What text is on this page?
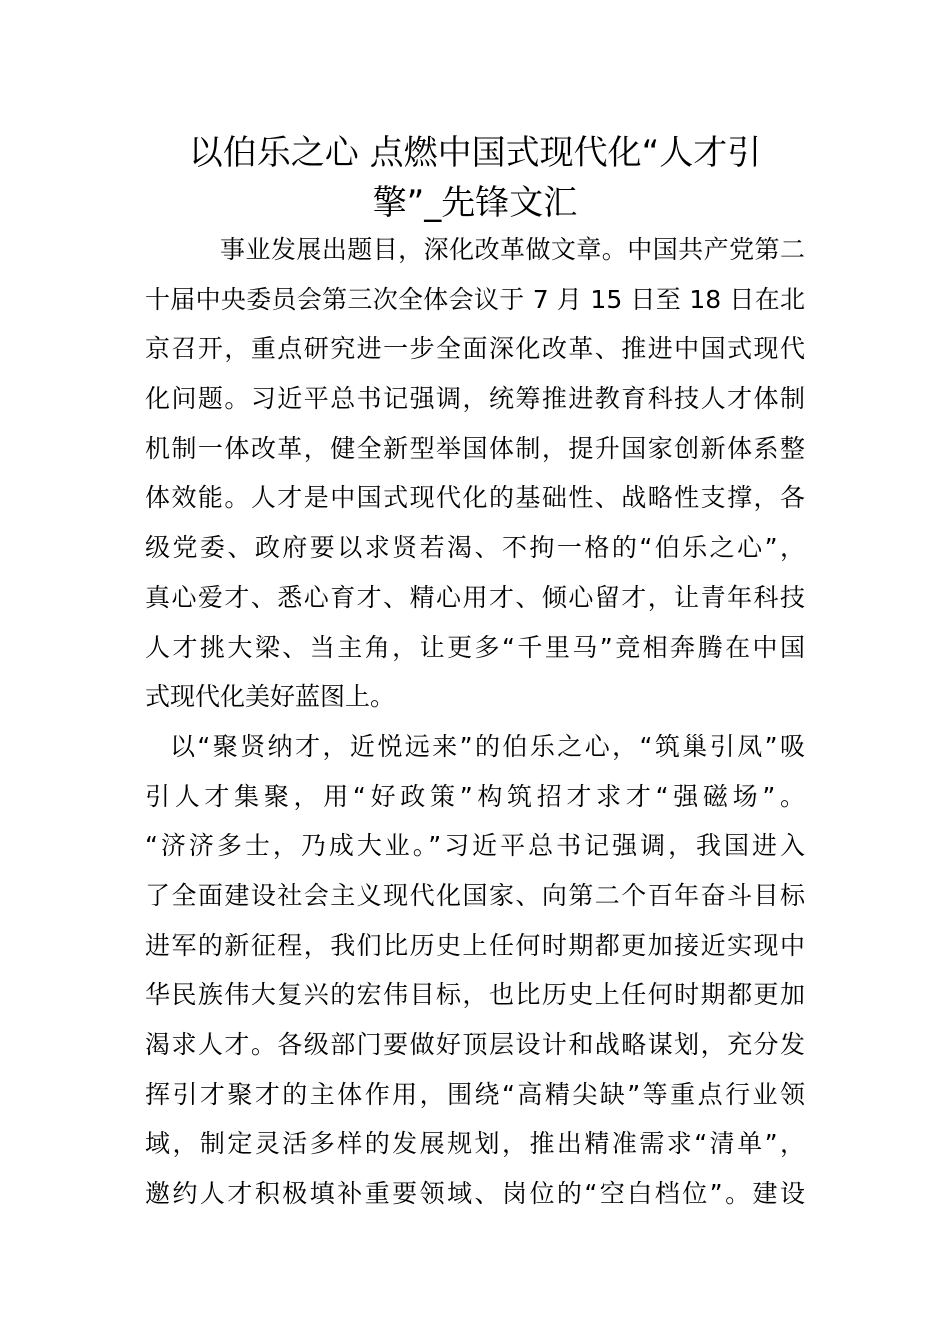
以伯乐之心 点燃中国式现代化“人才引
擎”_先锋文汇
事业发展出题目，深化改革做文章。中国共产党第二
十届中央委员会第三次全体会议于 7 月 15 日至 18 日在北
京召开，重点研究进一步全面深化改革、推进中国式现代
化问题。习近平总书记强调，统筹推进教育科技人才体制
机制一体改革，健全新型举国体制，提升国家创新体系整
体效能。人才是中国式现代化的基础性、战略性支撑，各
级党委、政府要以求贤若渴、不拘一格的“伯乐之心”，
真心爱才、悉心育才、精心用才、倾心留才，让青年科技
人才挑大梁、当主角，让更多“千里马”竞相奔腾在中国
式现代化美好蓝图上。
以“聚贤纳才，近悦远来”的伯乐之心，“筑巢引凤”吸
引人才集聚，用“好政策”构筑招才求才“强磁场”。
“济济多士，乃成大业。”习近平总书记强调，我国进入
了全面建设社会主义现代化国家、向第二个百年奋斗目标
进军的新征程，我们比历史上任何时期都更加接近实现中
华民族伟大复兴的宏伟目标，也比历史上任何时期都更加
渴求人才。各级部门要做好顶层设计和战略谋划，充分发
挥引才聚才的主体作用，围绕“高精尖缺”等重点行业领
域，制定灵活多样的发展规划，推出精准需求“清单”，
邀约人才积极填补重要领域、岗位的“空白档位”。建设
